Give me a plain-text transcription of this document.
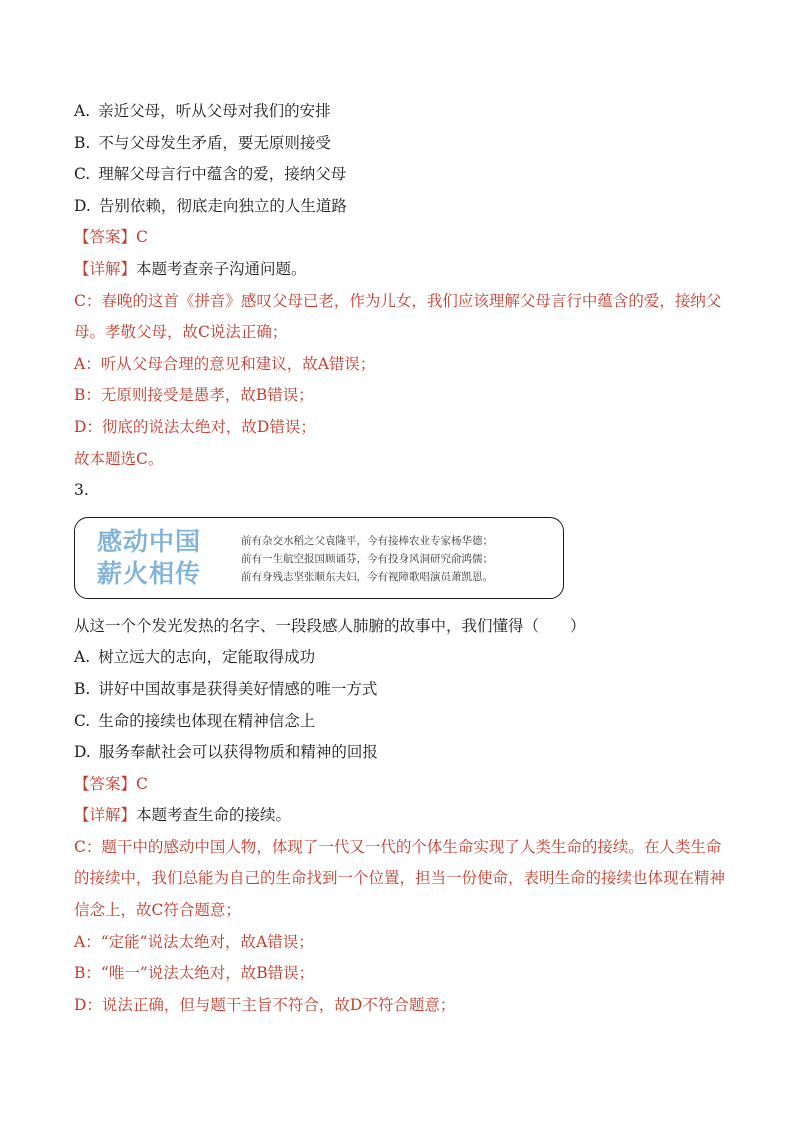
A. 亲近父母，听从父母对我们的安排
B. 不与父母发生矛盾，要无原则接受
C. 理解父母言行中蕴含的爱，接纳父母
D. 告别依赖，彻底走向独立的人生道路
【答案】C
【详解】本题考查亲子沟通问题。
C：春晚的这首《拼音》感叹父母已老，作为儿女，我们应该理解父母言行中蕴含的爱，接纳父母。孝敬父母，故C说法正确；
A：听从父母合理的意见和建议，故A错误；
B：无原则接受是愚孝，故B错误；
D：彻底的说法太绝对，故D错误；
故本题选C。
3.
感动中国
薪火相传
前有杂交水稻之父袁隆平，今有接棒农业专家杨华德；
前有一生航空报国顾诵芬，今有投身风洞研究俞鸿儒；
前有身残志坚张顺东夫妇，今有视障歌唱演员萧凯恩。
从这一个个发光发热的名字、一段段感人肺腑的故事中，我们懂得（　　）
A. 树立远大的志向，定能取得成功
B. 讲好中国故事是获得美好情感的唯一方式
C. 生命的接续也体现在精神信念上
D. 服务奉献社会可以获得物质和精神的回报
【答案】C
【详解】本题考查生命的接续。
C：题干中的感动中国人物，体现了一代又一代的个体生命实现了人类生命的接续。在人类生命的接续中，我们总能为自己的生命找到一个位置，担当一份使命，表明生命的接续也体现在精神信念上，故C符合题意；
A：“定能”说法太绝对，故A错误；
B：“唯一”说法太绝对，故B错误；
D：说法正确，但与题干主旨不符合，故D不符合题意；
